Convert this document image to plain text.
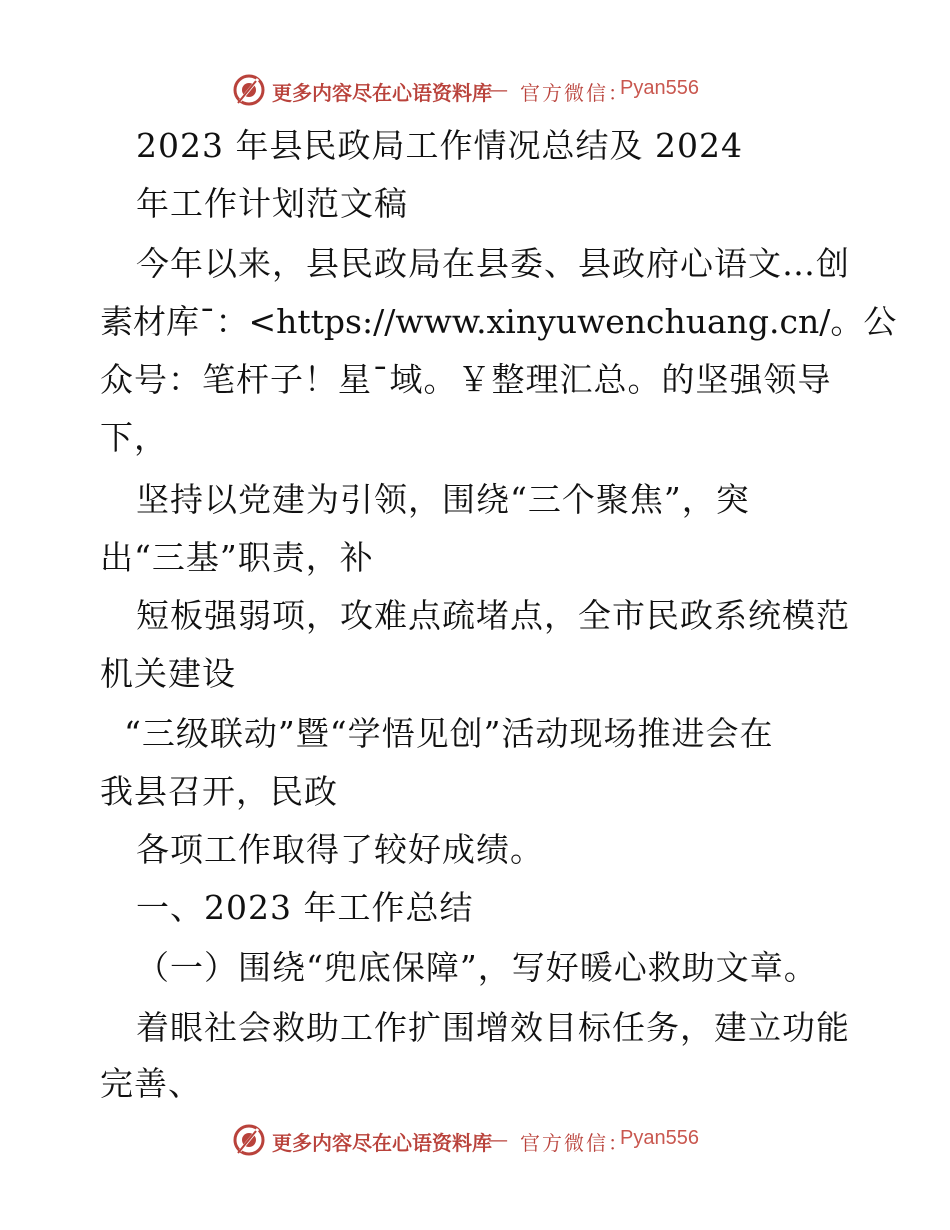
更多内容尽在心语资料库
— 官方微信：
Pyan556
2023 年县民政局工作情况总结及 2024
年工作计划范文稿
今年以来，县民政局在县委、县政府心语文…创
素材库¯：<https://www.xinyuwenchuang.cn/。公
众号：笔杆子！星¯域。￥整理汇总。的坚强领导
下，
坚持以党建为引领，围绕“三个聚焦”，突
出“三基”职责，补
短板强弱项，攻难点疏堵点，全市民政系统模范
机关建设
“三级联动”暨“学悟见创”活动现场推进会在
我县召开，民政
各项工作取得了较好成绩。
一、2023 年工作总结
（一）围绕“兜底保障”，写好暖心救助文章。
着眼社会救助工作扩围增效目标任务，建立功能
完善、
更多内容尽在心语资料库
— 官方微信：
Pyan556
